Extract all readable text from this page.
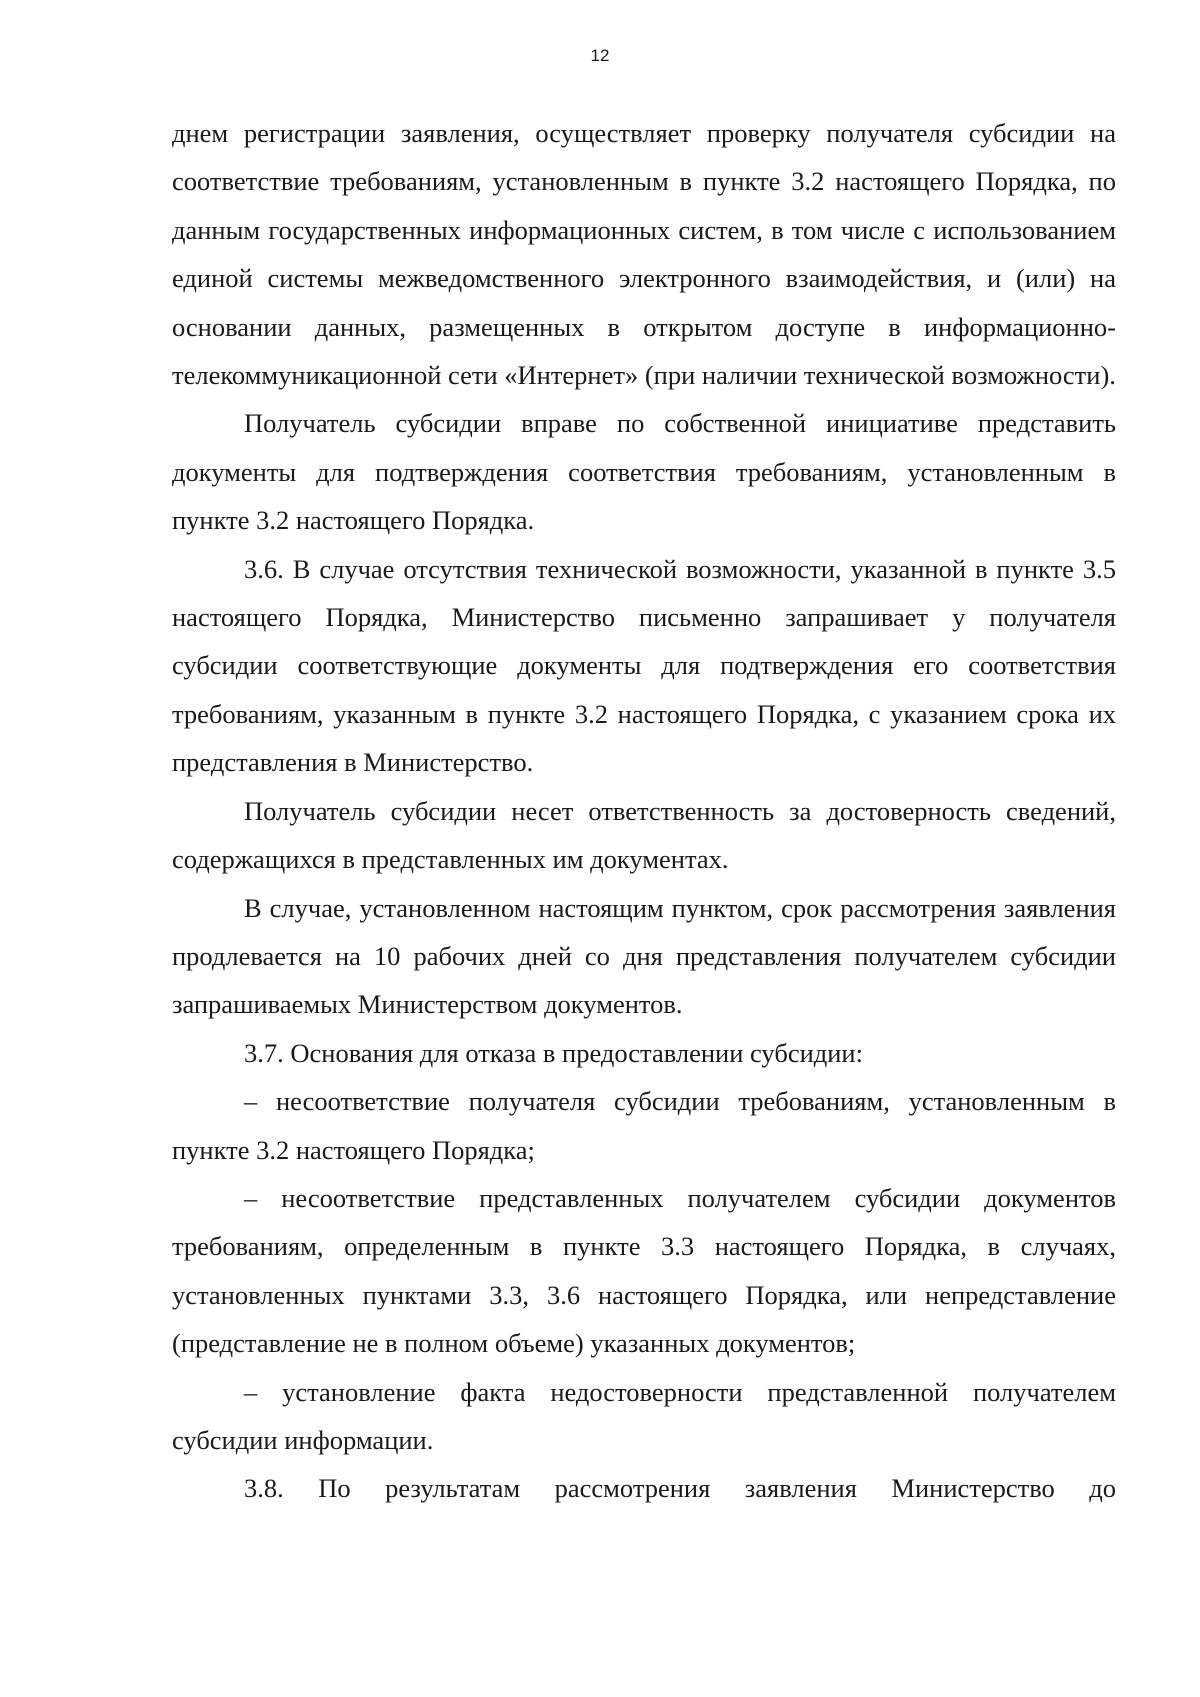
12

днем регистрации заявления, осуществляет проверку получателя субсидии на соответствие требованиям, установленным в пункте 3.2 настоящего Порядка, по данным государственных информационных систем, в том числе с использованием единой системы межведомственного электронного взаимодействия, и (или) на основании данных, размещенных в открытом доступе в информационно-телекоммуникационной сети «Интернет» (при наличии технической возможности).

Получатель субсидии вправе по собственной инициативе представить документы для подтверждения соответствия требованиям, установленным в пункте 3.2 настоящего Порядка.

3.6. В случае отсутствия технической возможности, указанной в пункте 3.5 настоящего Порядка, Министерство письменно запрашивает у получателя субсидии соответствующие документы для подтверждения его соответствия требованиям, указанным в пункте 3.2 настоящего Порядка, с указанием срока их представления в Министерство.

Получатель субсидии несет ответственность за достоверность сведений, содержащихся в представленных им документах.

В случае, установленном настоящим пунктом, срок рассмотрения заявления продлевается на 10 рабочих дней со дня представления получателем субсидии запрашиваемых Министерством документов.

3.7. Основания для отказа в предоставлении субсидии:

– несоответствие получателя субсидии требованиям, установленным в пункте 3.2 настоящего Порядка;

– несоответствие представленных получателем субсидии документов требованиям, определенным в пункте 3.3 настоящего Порядка, в случаях, установленных пунктами 3.3, 3.6 настоящего Порядка, или непредставление (представление не в полном объеме) указанных документов;

– установление факта недостоверности представленной получателем субсидии информации.

3.8. По результатам рассмотрения заявления Министерство до
